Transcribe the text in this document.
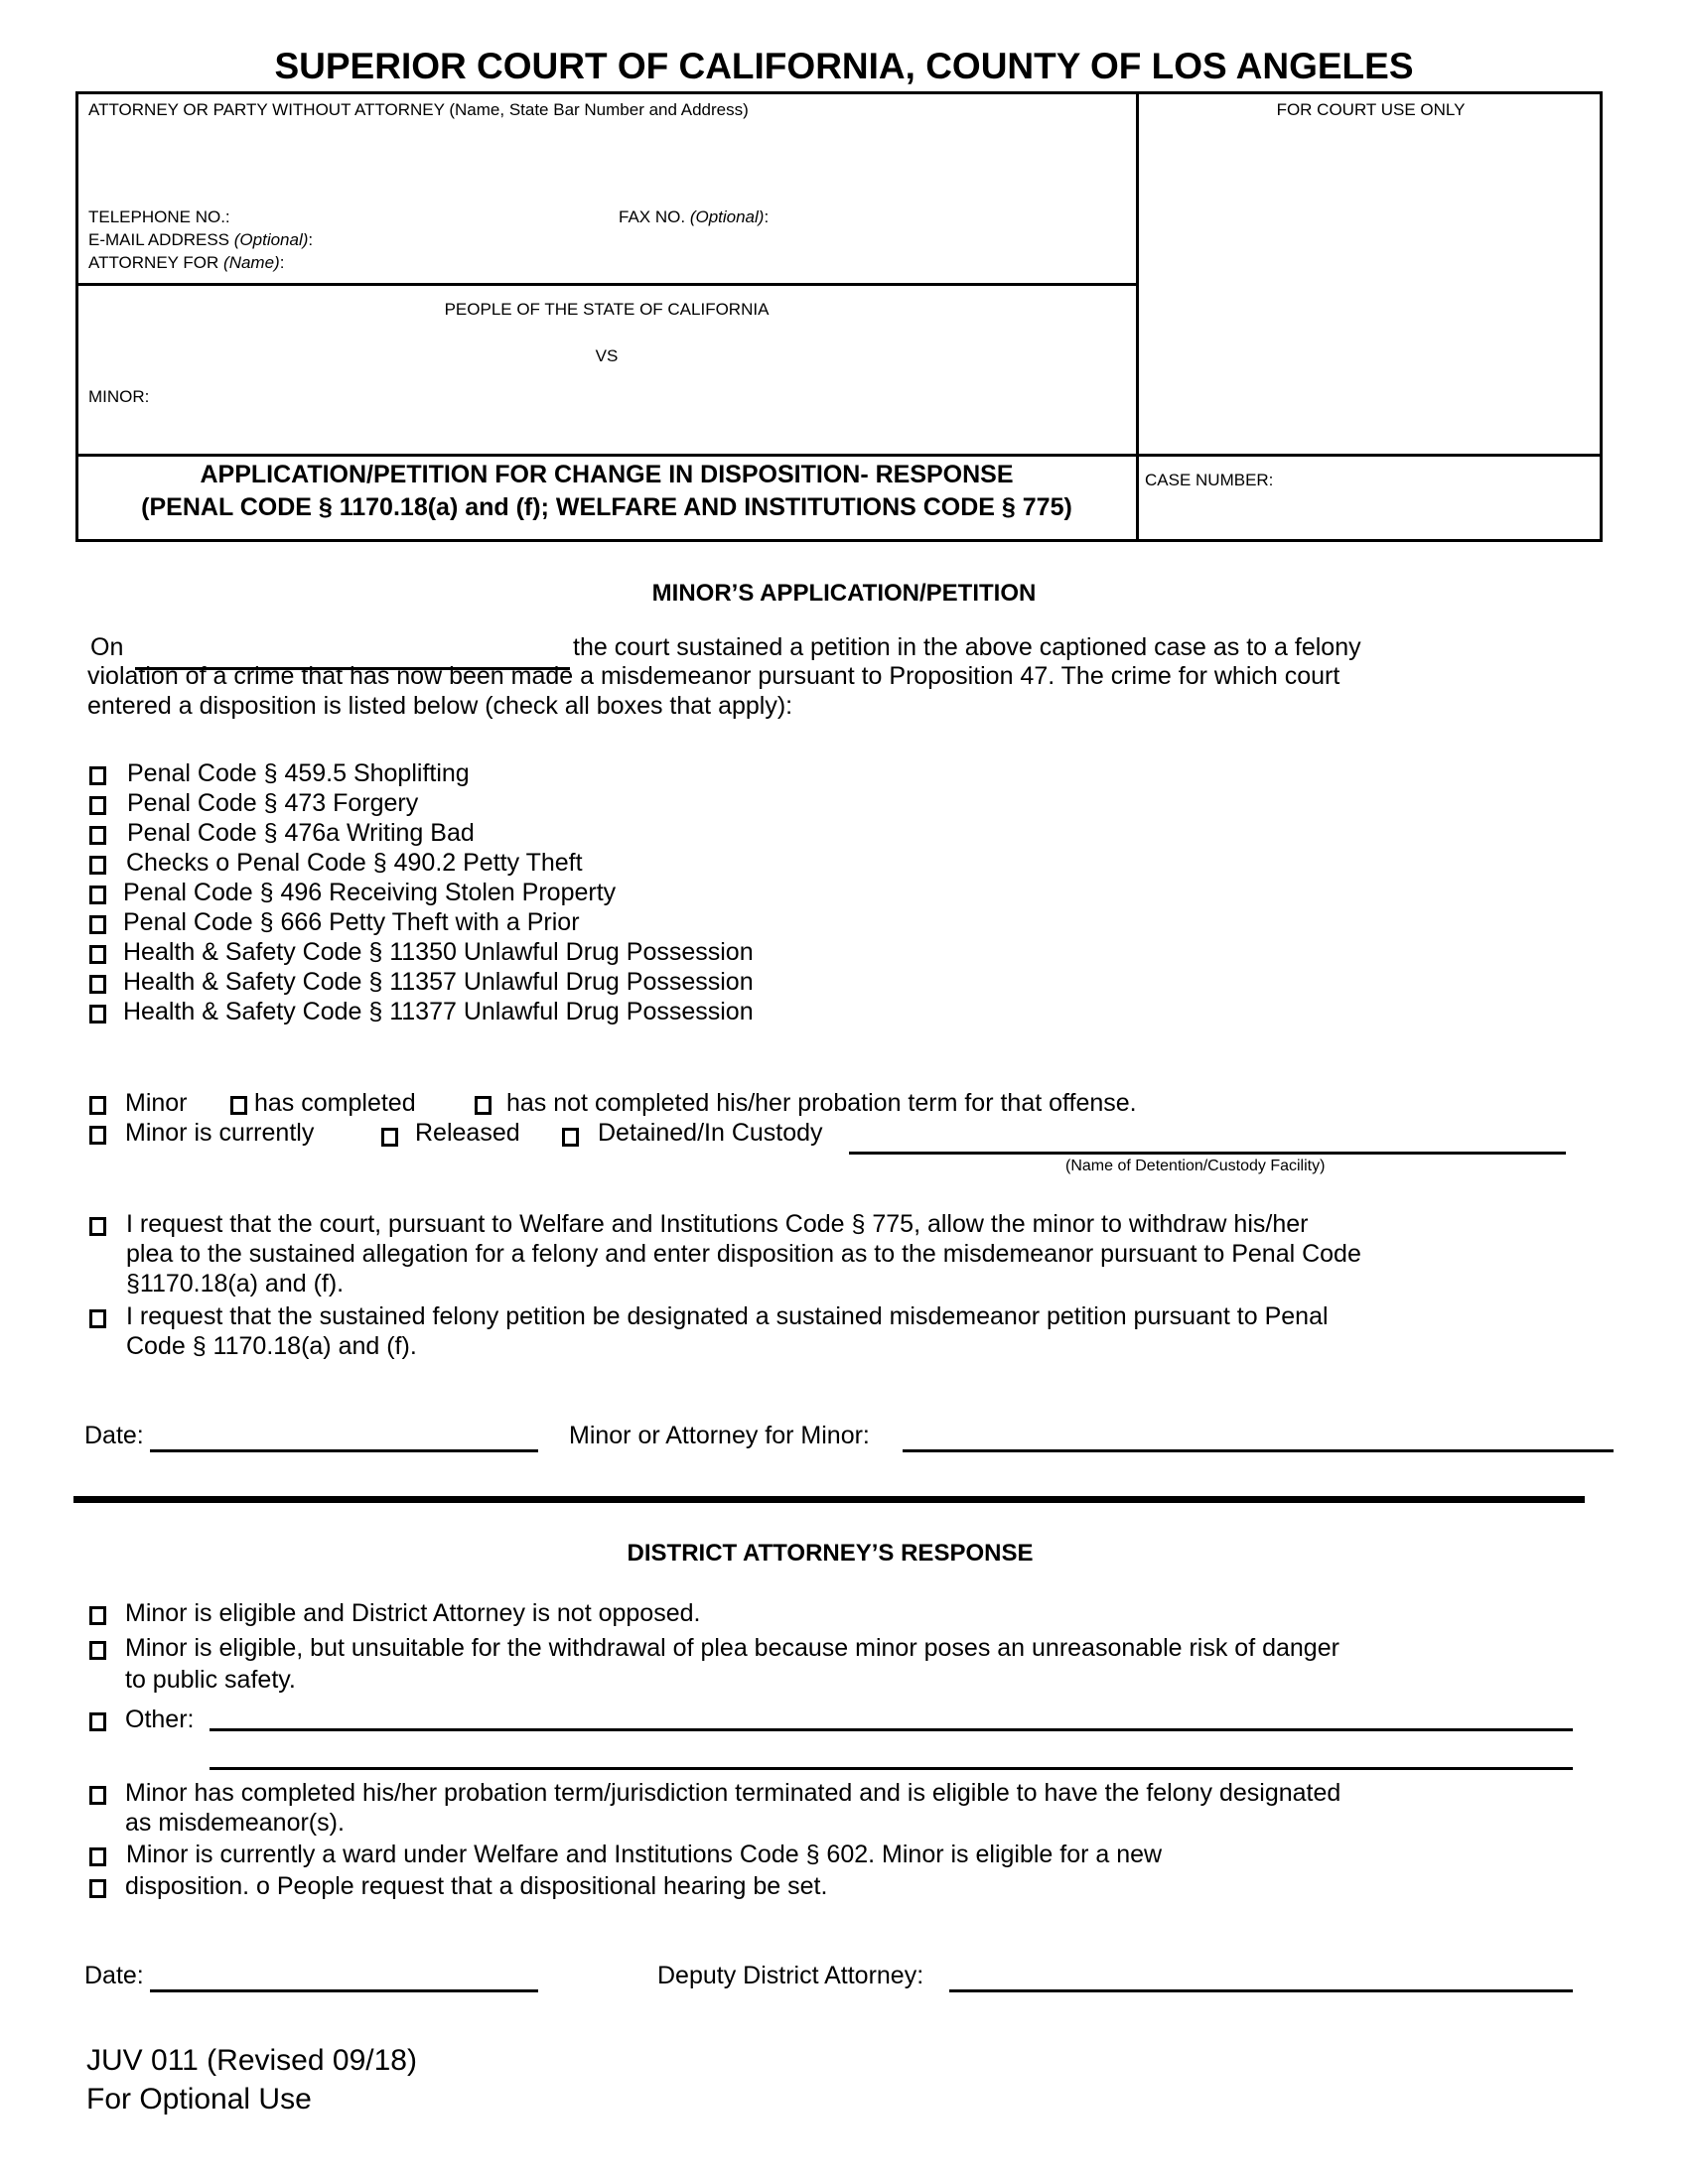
SUPERIOR COURT OF CALIFORNIA, COUNTY OF LOS ANGELES
ATTORNEY OR PARTY WITHOUT ATTORNEY (Name, State Bar Number and Address)	FOR COURT USE ONLY
TELEPHONE NO.:	FAX NO. (Optional):
E-MAIL ADDRESS (Optional):
ATTORNEY FOR (Name):
PEOPLE OF THE STATE OF CALIFORNIA
VS
MINOR:
APPLICATION/PETITION FOR CHANGE IN DISPOSITION- RESPONSE
(PENAL CODE § 1170.18(a) and (f); WELFARE AND INSTITUTIONS CODE § 775)
CASE NUMBER:
MINOR’S APPLICATION/PETITION
On	the court sustained a petition in the above captioned case as to a felony
violation of a crime that has now been made a misdemeanor pursuant to Proposition 47. The crime for which court
entered a disposition is listed below (check all boxes that apply):
Penal Code § 459.5 Shoplifting
Penal Code § 473 Forgery
Penal Code § 476a Writing Bad
Checks o Penal Code § 490.2 Petty Theft
Penal Code § 496 Receiving Stolen Property
Penal Code § 666 Petty Theft with a Prior
Health & Safety Code § 11350 Unlawful Drug Possession
Health & Safety Code § 11357 Unlawful Drug Possession
Health & Safety Code § 11377 Unlawful Drug Possession
Minor	has completed	has not completed his/her probation term for that offense.
Minor is currently	Released	Detained/In Custody
(Name of Detention/Custody Facility)
I request that the court, pursuant to Welfare and Institutions Code § 775, allow the minor to withdraw his/her
plea to the sustained allegation for a felony and enter disposition as to the misdemeanor pursuant to Penal Code
§1170.18(a) and (f).
I request that the sustained felony petition be designated a sustained misdemeanor petition pursuant to Penal
Code § 1170.18(a) and (f).
Date:	Minor or Attorney for Minor:
DISTRICT ATTORNEY’S RESPONSE
Minor is eligible and District Attorney is not opposed.
Minor is eligible, but unsuitable for the withdrawal of plea because minor poses an unreasonable risk of danger
to public safety.
Other:
Minor has completed his/her probation term/jurisdiction terminated and is eligible to have the felony designated
as misdemeanor(s).
Minor is currently a ward under Welfare and Institutions Code § 602. Minor is eligible for a new
disposition. o People request that a dispositional hearing be set.
Date:	Deputy District Attorney:
JUV 011 (Revised 09/18)
For Optional Use
